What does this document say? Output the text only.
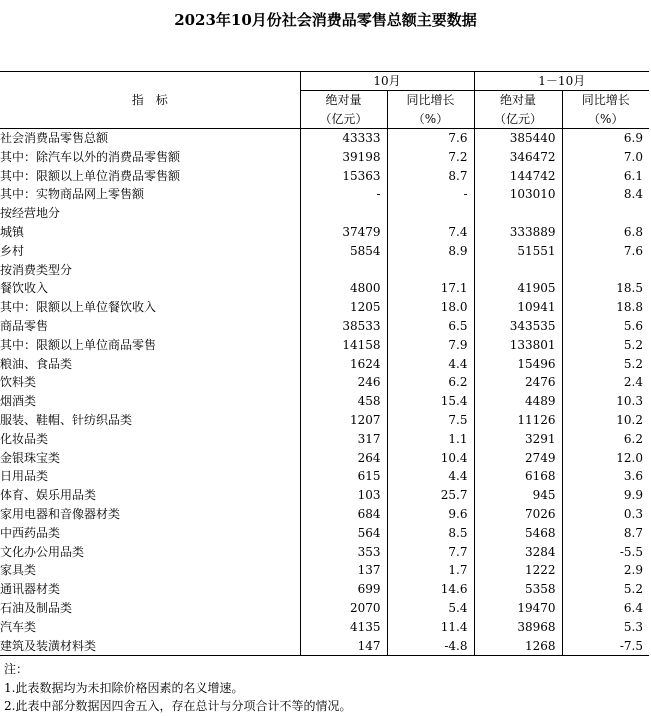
2023年10月份社会消费品零售总额主要数据
指　标	10月		1－10月	
	绝对量	同比增长	绝对量	同比增长
	（亿元）	（%）	（亿元）	（%）
社会消费品零售总额	43333	7.6	385440	6.9
其中：除汽车以外的消费品零售额	39198	7.2	346472	7.0
其中：限额以上单位消费品零售额	15363	8.7	144742	6.1
其中：实物商品网上零售额	-	-	103010	8.4
按经营地分				
城镇	37479	7.4	333889	6.8
乡村	5854	8.9	51551	7.6
按消费类型分				
餐饮收入	4800	17.1	41905	18.5
其中：限额以上单位餐饮收入	1205	18.0	10941	18.8
商品零售	38533	6.5	343535	5.6
其中：限额以上单位商品零售	14158	7.9	133801	5.2
粮油、食品类	1624	4.4	15496	5.2
饮料类	246	6.2	2476	2.4
烟酒类	458	15.4	4489	10.3
服装、鞋帽、针纺织品类	1207	7.5	11126	10.2
化妆品类	317	1.1	3291	6.2
金银珠宝类	264	10.4	2749	12.0
日用品类	615	4.4	6168	3.6
体育、娱乐用品类	103	25.7	945	9.9
家用电器和音像器材类	684	9.6	7026	0.3
中西药品类	564	8.5	5468	8.7
文化办公用品类	353	7.7	3284	-5.5
家具类	137	1.7	1222	2.9
通讯器材类	699	14.6	5358	5.2
石油及制品类	2070	5.4	19470	6.4
汽车类	4135	11.4	38968	5.3
建筑及装潢材料类	147	-4.8	1268	-7.5
注：
1.此表数据均为未扣除价格因素的名义增速。
2.此表中部分数据因四舍五入，存在总计与分项合计不等的情况。
